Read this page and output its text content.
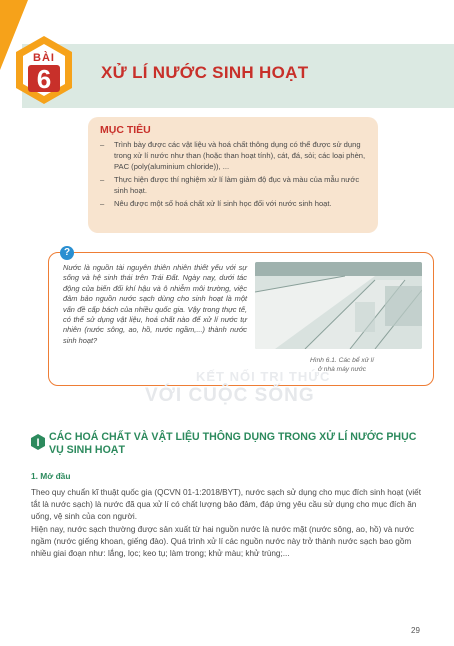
BÀI
6	XỬ LÍ NƯỚC SINH HOẠT
MỤC TIÊU
– Trình bày được các vật liệu và hoá chất thông dụng có thể được sử dụng trong xử lí nước như than (hoặc than hoạt tính), cát, đá, sỏi; các loại phèn, PAC (poly(aluminium chloride)), ...
– Thực hiện được thí nghiệm xử lí làm giảm độ đục và màu của mẫu nước sinh hoạt.
– Nêu được một số hoá chất xử lí sinh học đối với nước sinh hoạt.
?
Nước là nguồn tài nguyên thiên nhiên thiết yếu với sự sống và hệ sinh thái trên Trái Đất. Ngày nay, dưới tác động của biến đổi khí hậu và ô nhiễm môi trường, việc đảm bảo nguồn nước sạch dùng cho sinh hoạt là một vấn đề cấp bách của nhiều quốc gia. Vậy trong thực tế, có thể sử dụng vật liệu, hoá chất nào để xử lí nước tự nhiên (nước sông, ao, hồ, nước ngầm,...) thành nước sinh hoạt?
Hình 6.1. Các bể xử lí
ở nhà máy nước
KẾT NỐI TRI THỨC
VỚI CUỘC SỐNG
I CÁC HOÁ CHẤT VÀ VẬT LIỆU THÔNG DỤNG TRONG XỬ LÍ NƯỚC PHỤC VỤ SINH HOẠT
1. Mở đầu
Theo quy chuẩn kĩ thuật quốc gia (QCVN 01-1:2018/BYT), nước sạch sử dụng cho mục đích sinh hoạt (viết tắt là nước sạch) là nước đã qua xử lí có chất lượng bảo đảm, đáp ứng yêu cầu sử dụng cho mục đích ăn uống, vệ sinh của con người.
Hiện nay, nước sạch thường được sản xuất từ hai nguồn nước là nước mặt (nước sông, ao, hồ) và nước ngầm (nước giếng khoan, giếng đào). Quá trình xử lí các nguồn nước này trở thành nước sạch bao gồm nhiều giai đoạn như: lắng, lọc; keo tụ; làm trong; khử màu; khử trùng;...
29
